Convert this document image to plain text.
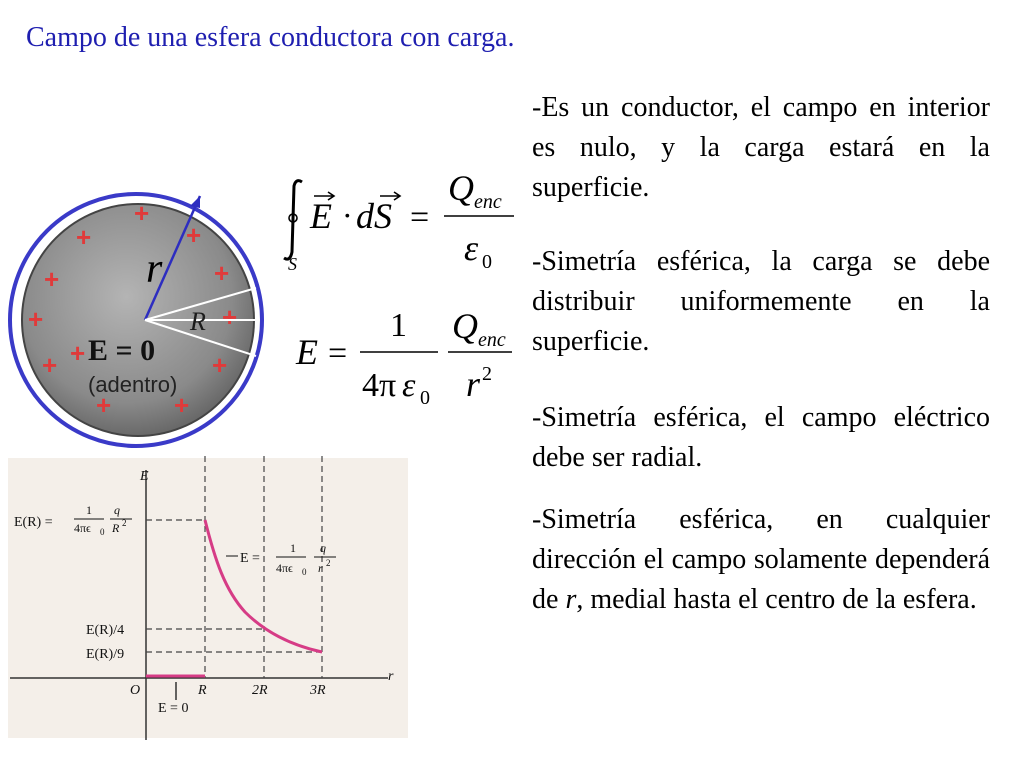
Campo de una esfera conductora con carga.

-Es un conductor, el campo en interior es nulo, y la carga estará en la superficie.

-Simetría esférica, la carga se debe distribuir uniformemente en la superficie.

-Simetría esférica, el campo eléctrico debe ser radial.

-Simetría esférica, en cualquier dirección el campo solamente dependerá de r, medial hasta el centro de la esfera.

S
E · dS =
Q enc
ε 0
E =
1
4π ε 0
Q enc
r 2
+
+
+
+	+
+	+
+	+
+ +
+
r
R
E = 0
(adentro)
E
r
O	R	2R	3R
E(R) =
1
4πϵ 0
q
R 2
E(R)/4
E(R)/9
E =
1
4πϵ 0
q
r 2
E = 0
